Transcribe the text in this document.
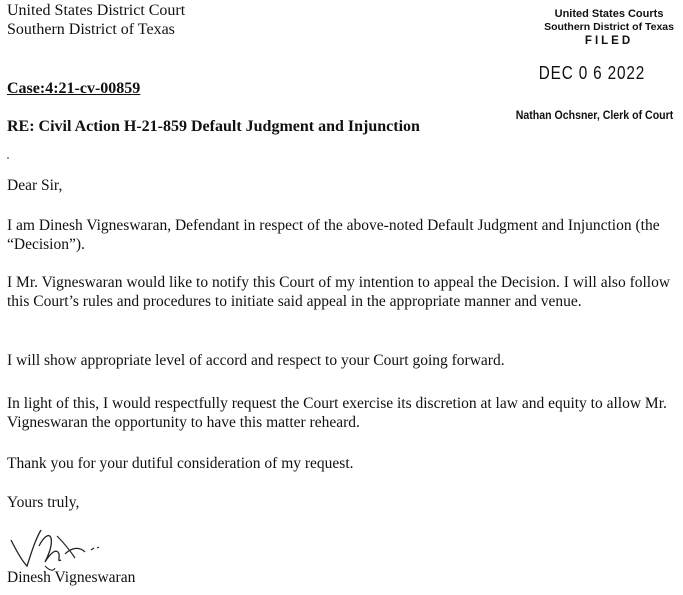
United States District Court
Southern District of Texas
United States Courts
Southern District of Texas
FILED
DEC 0 6 2022
Nathan Ochsner, Clerk of Court
Case:4:21-cv-00859
RE: Civil Action H-21-859 Default Judgment and Injunction
Dear Sir,
I am Dinesh Vigneswaran, Defendant in respect of the above-noted Default Judgment and Injunction (the “Decision”).
I Mr. Vigneswaran would like to notify this Court of my intention to appeal the Decision. I will also follow this Court’s rules and procedures to initiate said appeal in the appropriate manner and venue.
I will show appropriate level of accord and respect to your Court going forward.
In light of this, I would respectfully request the Court exercise its discretion at law and equity to allow Mr. Vigneswaran the opportunity to have this matter reheard.
Thank you for your dutiful consideration of my request.
Yours truly,
Dinesh Vigneswaran
